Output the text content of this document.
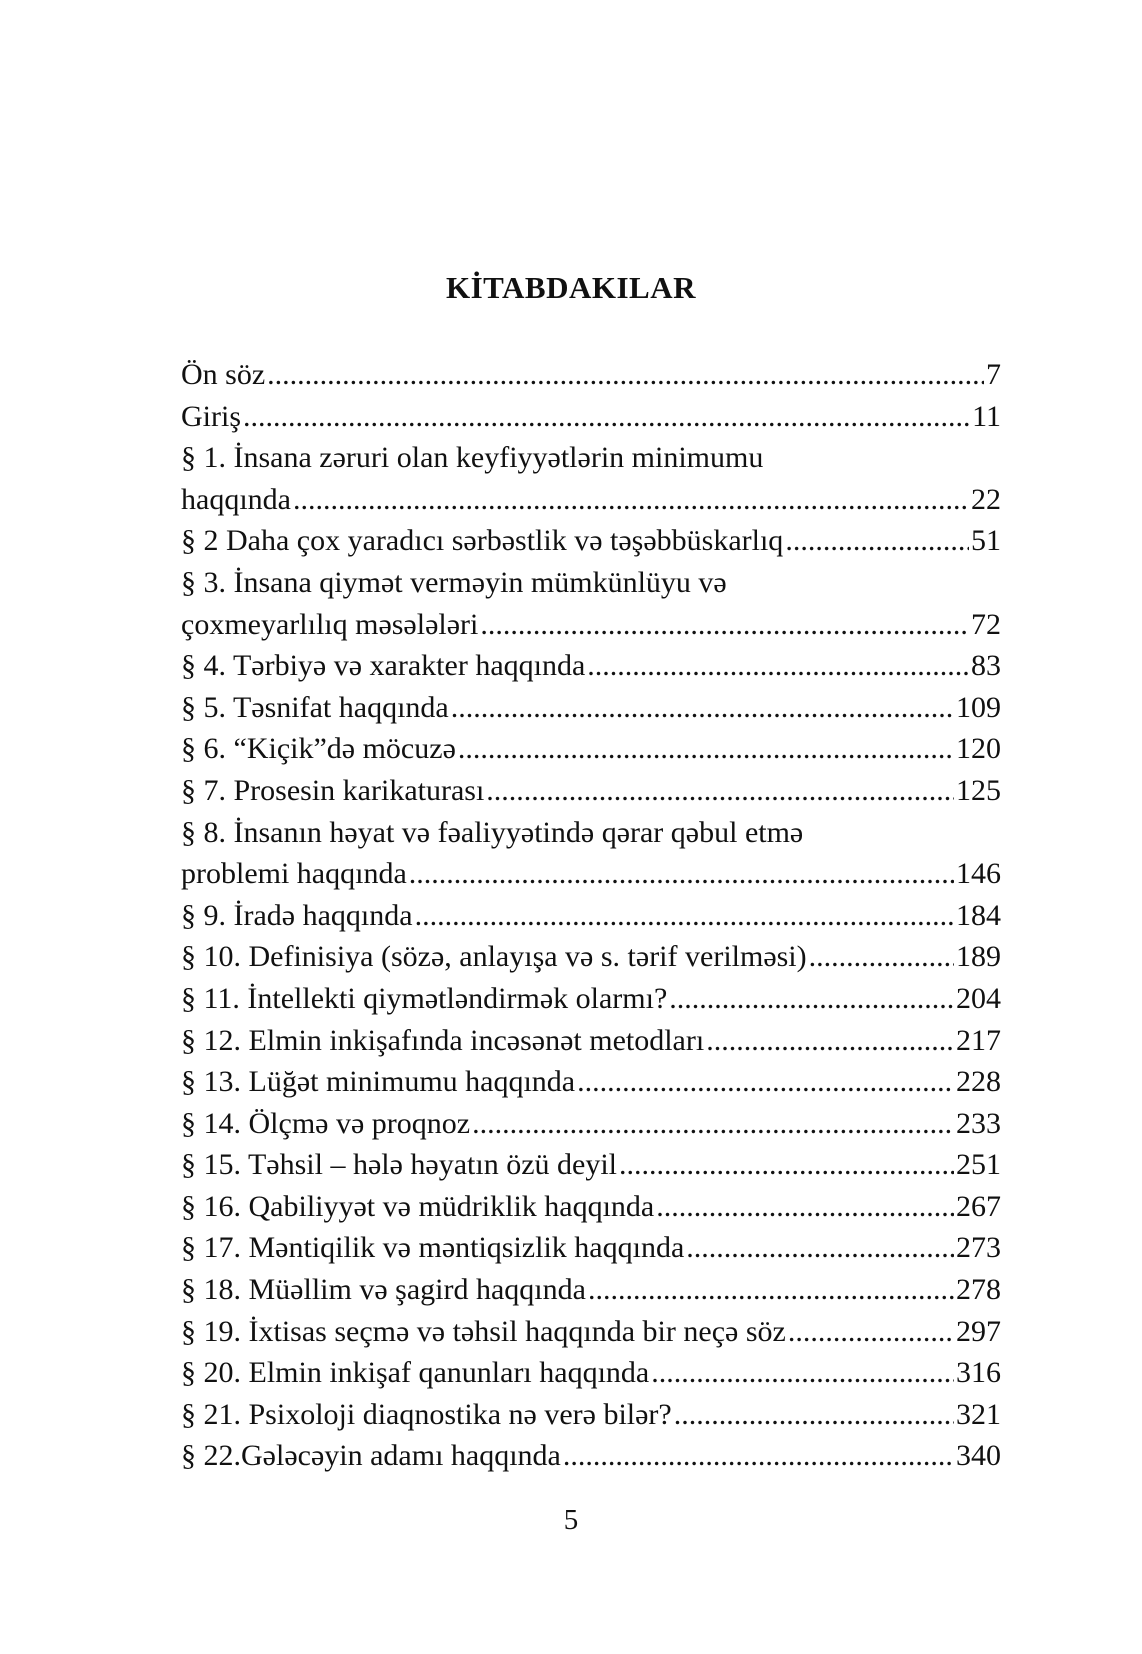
KİTABDAKILAR
Ön söz .....	7
Giriş .....	11
§ 1. İnsana zəruri olan keyfiyyətlərin minimumu
haqqında .....	22
§ 2 Daha çox yaradıcı sərbəstlik və təşəbbüskarlıq .....	51
§ 3. İnsana qiymət verməyin mümkünlüyu və
çoxmeyarlılıq məsələləri .....	72
§ 4. Tərbiyə və xarakter haqqında .....	83
§ 5. Təsnifat haqqında .....	109
§ 6. “Kiçik”də möcuzə .....	120
§ 7. Prosesin karikaturası .....	125
§ 8. İnsanın həyat və fəaliyyətində qərar qəbul etmə
problemi haqqında .....	146
§ 9. İradə haqqında .....	184
§ 10. Definisiya (sözə, anlayışa və s. tərif verilməsi) .....	189
§ 11. İntellekti qiymətləndirmək olarmı? .....	204
§ 12. Elmin inkişafında incəsənət metodları .....	217
§ 13. Lüğət minimumu haqqında .....	228
§ 14. Ölçmə və proqnoz .....	233
§ 15. Təhsil – hələ həyatın özü deyil .....	251
§ 16. Qabiliyyət və müdriklik haqqında .....	267
§ 17. Məntiqilik və məntiqsizlik haqqında .....	273
§ 18. Müəllim və şagird haqqında .....	278
§ 19. İxtisas seçmə və təhsil haqqında bir neçə söz .....	297
§ 20. Elmin inkişaf qanunları haqqında .....	316
§ 21. Psixoloji diaqnostika nə verə bilər? .....	321
§ 22.Gələcəyin adamı haqqında .....	340
5
